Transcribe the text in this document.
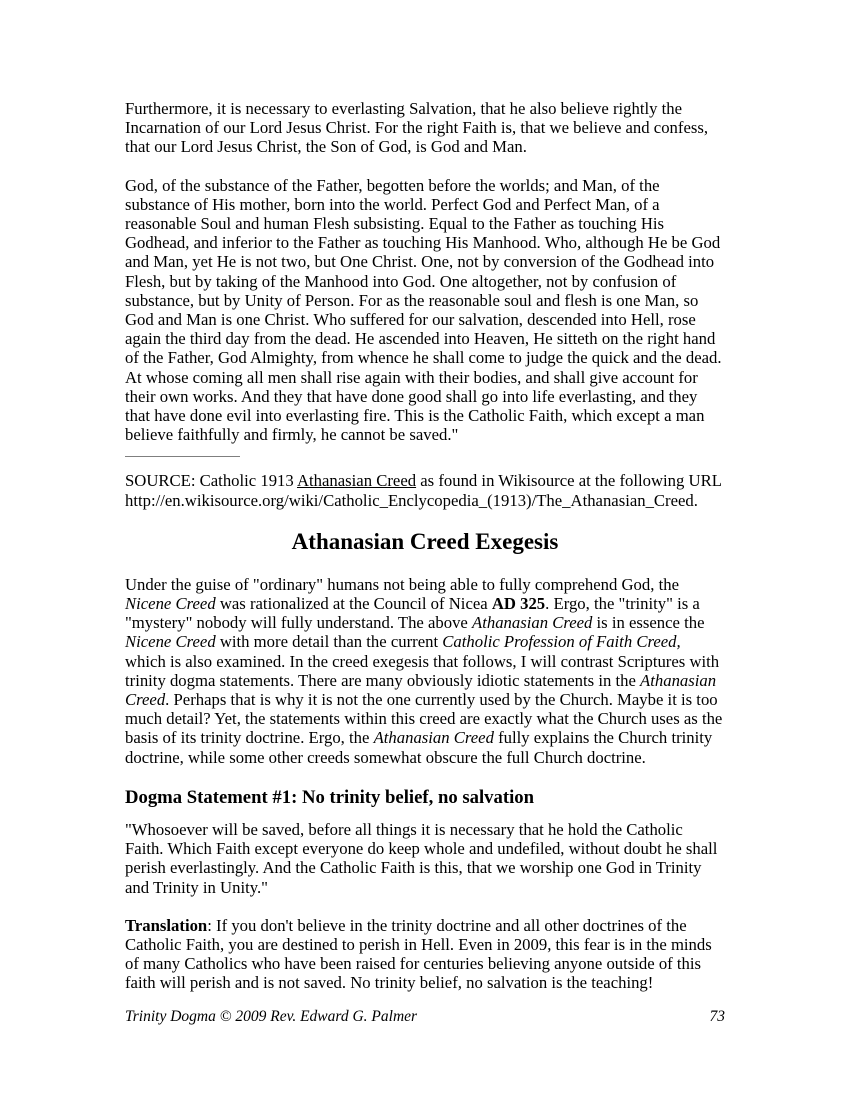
Furthermore, it is necessary to everlasting Salvation, that he also believe rightly the Incarnation of our Lord Jesus Christ. For the right Faith is, that we believe and confess, that our Lord Jesus Christ, the Son of God, is God and Man.

God, of the substance of the Father, begotten before the worlds; and Man, of the substance of His mother, born into the world. Perfect God and Perfect Man, of a reasonable Soul and human Flesh subsisting. Equal to the Father as touching His Godhead, and inferior to the Father as touching His Manhood. Who, although He be God and Man, yet He is not two, but One Christ. One, not by conversion of the Godhead into Flesh, but by taking of the Manhood into God. One altogether, not by confusion of substance, but by Unity of Person. For as the reasonable soul and flesh is one Man, so God and Man is one Christ. Who suffered for our salvation, descended into Hell, rose again the third day from the dead. He ascended into Heaven, He sitteth on the right hand of the Father, God Almighty, from whence he shall come to judge the quick and the dead. At whose coming all men shall rise again with their bodies, and shall give account for their own works. And they that have done good shall go into life everlasting, and they that have done evil into everlasting fire. This is the Catholic Faith, which except a man believe faithfully and firmly, he cannot be saved."

SOURCE: Catholic 1913 Athanasian Creed as found in Wikisource at the following URL http://en.wikisource.org/wiki/Catholic_Enclycopedia_(1913)/The_Athanasian_Creed.

Athanasian Creed Exegesis

Under the guise of "ordinary" humans not being able to fully comprehend God, the Nicene Creed was rationalized at the Council of Nicea AD 325. Ergo, the "trinity" is a "mystery" nobody will fully understand. The above Athanasian Creed is in essence the Nicene Creed with more detail than the current Catholic Profession of Faith Creed, which is also examined. In the creed exegesis that follows, I will contrast Scriptures with trinity dogma statements. There are many obviously idiotic statements in the Athanasian Creed. Perhaps that is why it is not the one currently used by the Church. Maybe it is too much detail? Yet, the statements within this creed are exactly what the Church uses as the basis of its trinity doctrine. Ergo, the Athanasian Creed fully explains the Church trinity doctrine, while some other creeds somewhat obscure the full Church doctrine.

Dogma Statement #1: No trinity belief, no salvation

"Whosoever will be saved, before all things it is necessary that he hold the Catholic Faith. Which Faith except everyone do keep whole and undefiled, without doubt he shall perish everlastingly. And the Catholic Faith is this, that we worship one God in Trinity and Trinity in Unity."

Translation: If you don't believe in the trinity doctrine and all other doctrines of the Catholic Faith, you are destined to perish in Hell. Even in 2009, this fear is in the minds of many Catholics who have been raised for centuries believing anyone outside of this faith will perish and is not saved. No trinity belief, no salvation is the teaching!

Trinity Dogma © 2009 Rev. Edward G. Palmer	73
